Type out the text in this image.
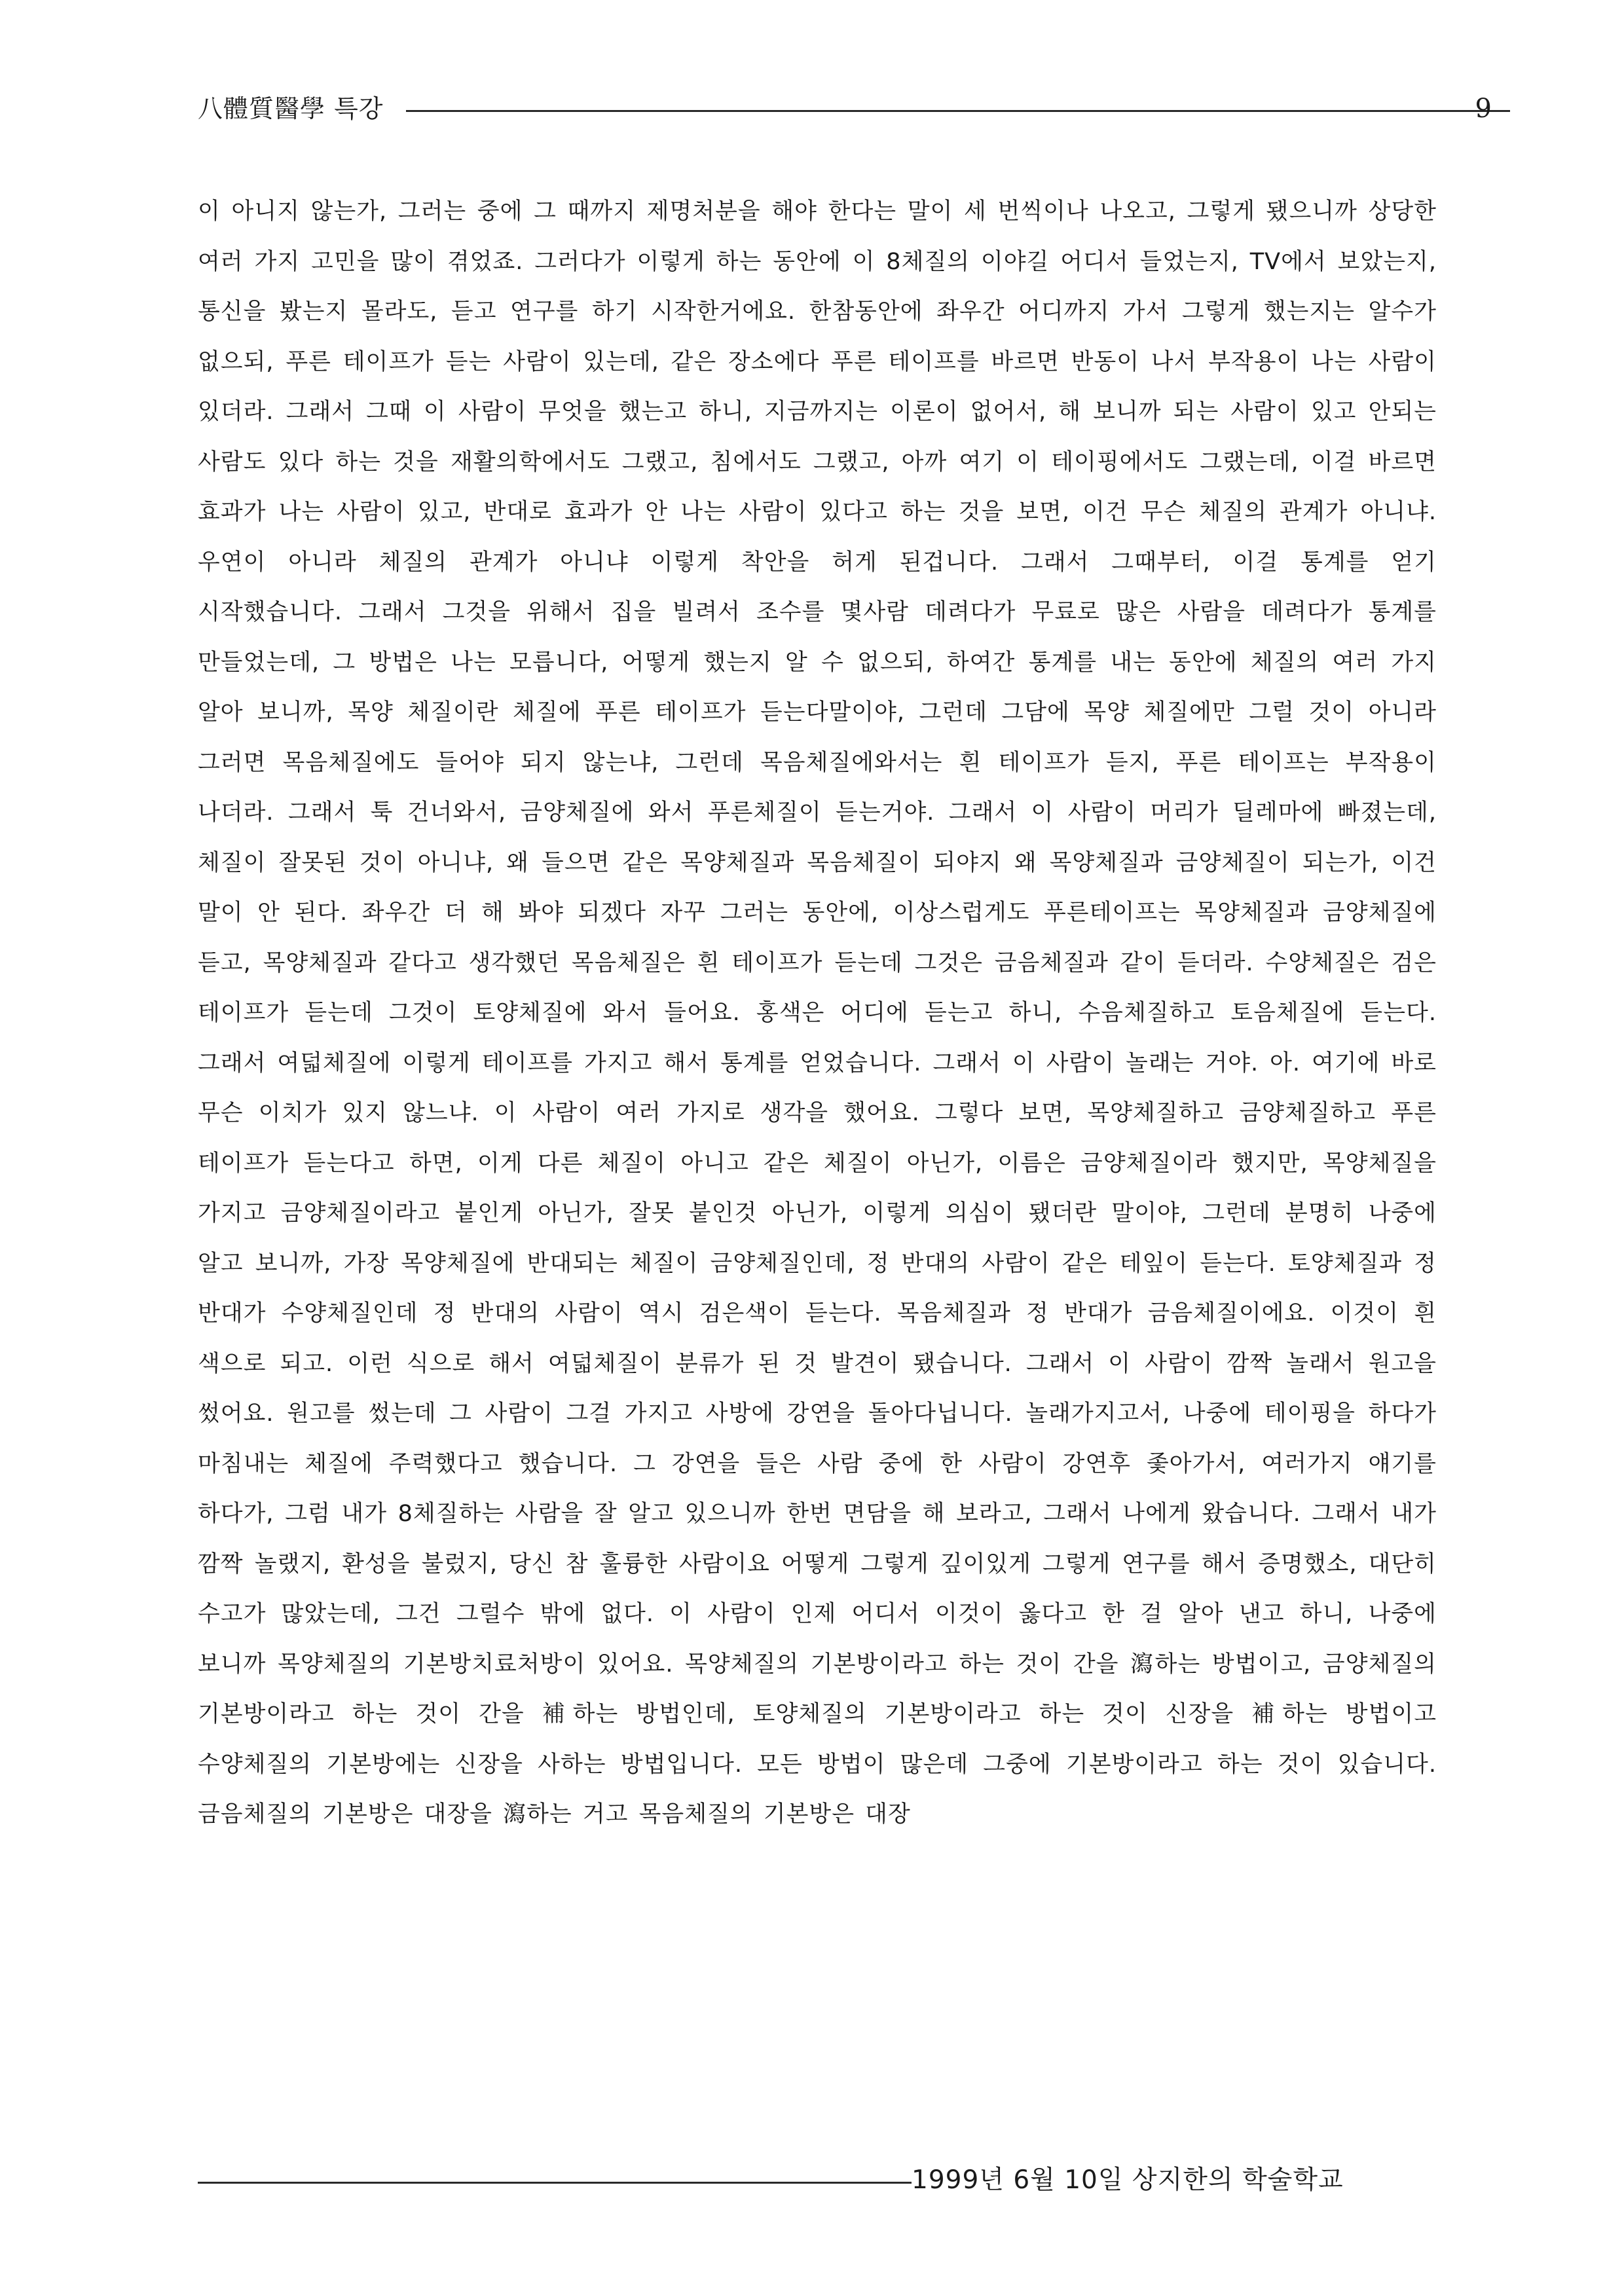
八體質醫學 특강	9
이 아니지 않는가, 그러는 중에 그 때까지 제명처분을 해야 한다는 말이 세 번씩이나 나오고, 그렇게 됐으니까 상당한 여러 가지 고민을 많이 겪었죠. 그러다가 이렇게 하는 동안에 이 8체질의 이야길 어디서 들었는지, TV에서 보았는지, 통신을 봤는지 몰라도, 듣고 연구를 하기 시작한거에요. 한참동안에 좌우간 어디까지 가서 그렇게 했는지는 알수가 없으되, 푸른 테이프가 듣는 사람이 있는데, 같은 장소에다 푸른 테이프를 바르면 반동이 나서 부작용이 나는 사람이 있더라. 그래서 그때 이 사람이 무엇을 했는고 하니, 지금까지는 이론이 없어서, 해 보니까 되는 사람이 있고 안되는 사람도 있다 하는 것을 재활의학에서도 그랬고, 침에서도 그랬고, 아까 여기 이 테이핑에서도 그랬는데, 이걸 바르면 효과가 나는 사람이 있고, 반대로 효과가 안 나는 사람이 있다고 하는 것을 보면, 이건 무슨 체질의 관계가 아니냐. 우연이 아니라 체질의 관계가 아니냐 이렇게 착안을 허게 된겁니다. 그래서 그때부터, 이걸 통계를 얻기 시작했습니다. 그래서 그것을 위해서 집을 빌려서 조수를 몇사람 데려다가 무료로 많은 사람을 데려다가 통계를 만들었는데, 그 방법은 나는 모릅니다, 어떻게 했는지 알 수 없으되, 하여간 통계를 내는 동안에 체질의 여러 가지 알아 보니까, 목양 체질이란 체질에 푸른 테이프가 듣는다말이야, 그런데 그담에 목양 체질에만 그럴 것이 아니라 그러면 목음체질에도 들어야 되지 않는냐, 그런데 목음체질에와서는 흰 테이프가 듣지, 푸른 테이프는 부작용이 나더라. 그래서 툭 건너와서, 금양체질에 와서 푸른체질이 듣는거야. 그래서 이 사람이 머리가 딜레마에 빠졌는데, 체질이 잘못된 것이 아니냐, 왜 들으면 같은 목양체질과 목음체질이 되야지 왜 목양체질과 금양체질이 되는가, 이건 말이 안 된다. 좌우간 더 해 봐야 되겠다 자꾸 그러는 동안에, 이상스럽게도 푸른테이프는 목양체질과 금양체질에 듣고, 목양체질과 같다고 생각했던 목음체질은 흰 테이프가 듣는데 그것은 금음체질과 같이 듣더라. 수양체질은 검은 테이프가 듣는데 그것이 토양체질에 와서 들어요. 홍색은 어디에 듣는고 하니, 수음체질하고 토음체질에 듣는다. 그래서 여덟체질에 이렇게 테이프를 가지고 해서 통계를 얻었습니다. 그래서 이 사람이 놀래는 거야. 아. 여기에 바로 무슨 이치가 있지 않느냐. 이 사람이 여러 가지로 생각을 했어요. 그렇다 보면, 목양체질하고 금양체질하고 푸른 테이프가 듣는다고 하면, 이게 다른 체질이 아니고 같은 체질이 아닌가, 이름은 금양체질이라 했지만, 목양체질을 가지고 금양체질이라고 붙인게 아닌가, 잘못 붙인것 아닌가, 이렇게 의심이 됐더란 말이야, 그런데 분명히 나중에 알고 보니까, 가장 목양체질에 반대되는 체질이 금양체질인데, 정 반대의 사람이 같은 테잎이 듣는다. 토양체질과 정 반대가 수양체질인데 정 반대의 사람이 역시 검은색이 듣는다. 목음체질과 정 반대가 금음체질이에요. 이것이 흰 색으로 되고. 이런 식으로 해서 여덟체질이 분류가 된 것 발견이 됐습니다. 그래서 이 사람이 깜짝 놀래서 원고을 썼어요. 원고를 썼는데 그 사람이 그걸 가지고 사방에 강연을 돌아다닙니다. 놀래가지고서, 나중에 테이핑을 하다가 마침내는 체질에 주력했다고 했습니다. 그 강연을 들은 사람 중에 한 사람이 강연후 좇아가서, 여러가지 얘기를 하다가, 그럼 내가 8체질하는 사람을 잘 알고 있으니까 한번 면담을 해 보라고, 그래서 나에게 왔습니다. 그래서 내가 깜짝 놀랬지, 환성을 불렀지, 당신 참 훌륭한 사람이요 어떻게 그렇게 깊이있게 그렇게 연구를 해서 증명했소, 대단히 수고가 많았는데, 그건 그럴수 밖에 없다. 이 사람이 인제 어디서 이것이 옳다고 한 걸 알아 낸고 하니, 나중에 보니까 목양체질의 기본방치료처방이 있어요. 목양체질의 기본방이라고 하는 것이 간을 瀉하는 방법이고, 금양체질의 기본방이라고 하는 것이 간을 補하는 방법인데, 토양체질의 기본방이라고 하는 것이 신장을 補하는 방법이고 수양체질의 기본방에는 신장을 사하는 방법입니다. 모든 방법이 많은데 그중에 기본방이라고 하는 것이 있습니다. 금음체질의 기본방은 대장을 瀉하는 거고 목음체질의 기본방은 대장
1999년 6월 10일 상지한의 학술학교
